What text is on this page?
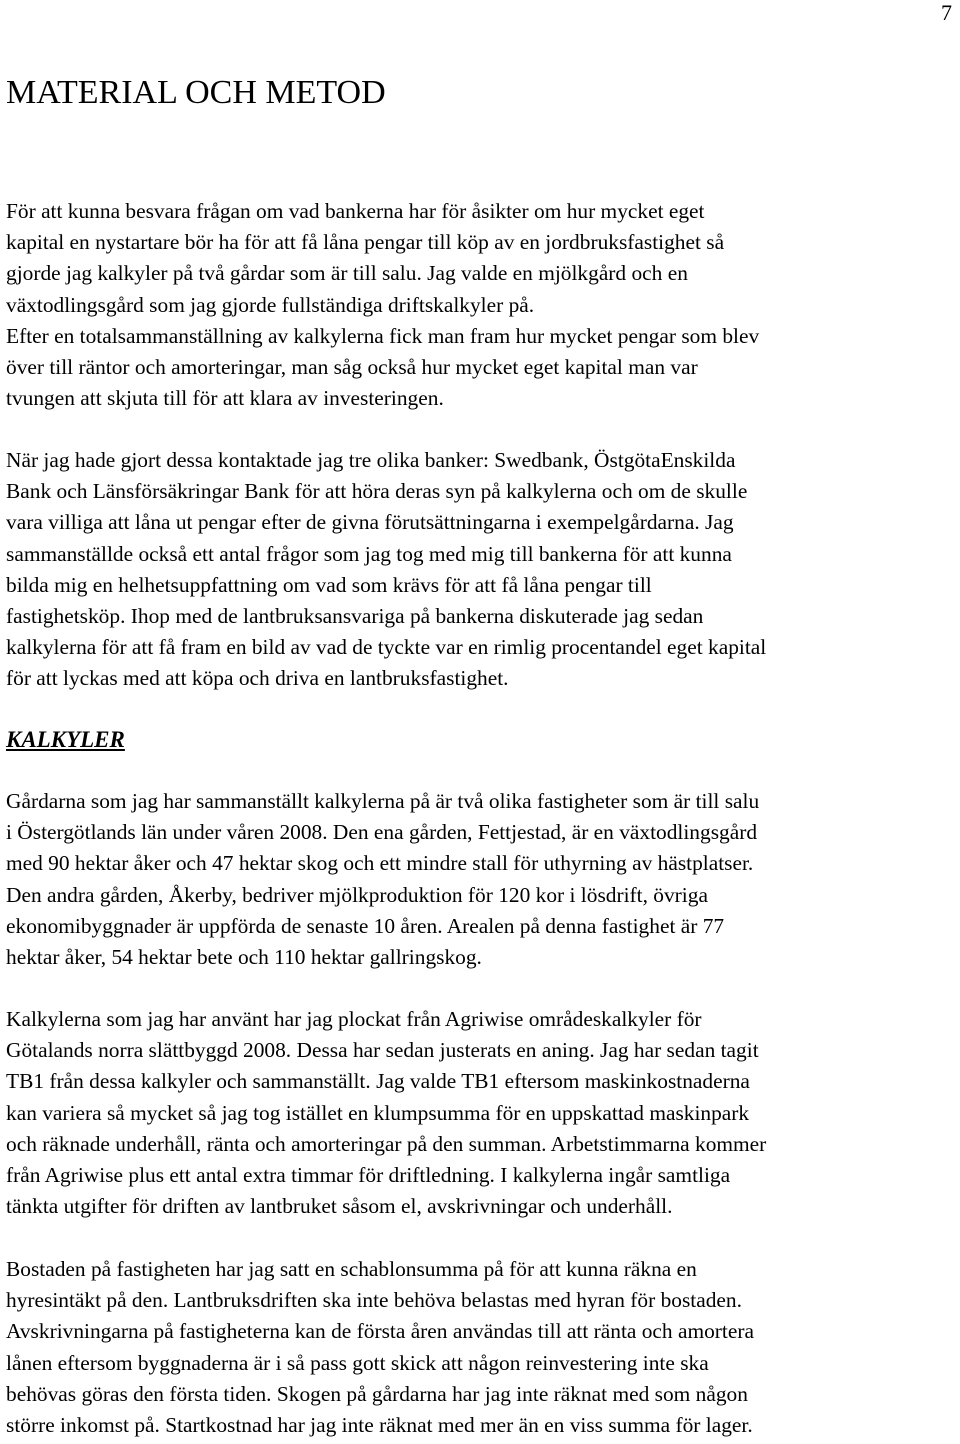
7
MATERIAL OCH METOD
För att kunna besvara frågan om vad bankerna har för åsikter om hur mycket eget
kapital en nystartare bör ha för att få låna pengar till köp av en jordbruksfastighet så
gjorde jag kalkyler på två gårdar som är till salu. Jag valde en mjölkgård och en
växtodlingsgård som jag gjorde fullständiga driftskalkyler på.
Efter en totalsammanställning av kalkylerna fick man fram hur mycket pengar som blev
över till räntor och amorteringar, man såg också hur mycket eget kapital man var
tvungen att skjuta till för att klara av investeringen.
När jag hade gjort dessa kontaktade jag tre olika banker: Swedbank, ÖstgötaEnskilda
Bank och Länsförsäkringar Bank för att höra deras syn på kalkylerna och om de skulle
vara villiga att låna ut pengar efter de givna förutsättningarna i exempelgårdarna. Jag
sammanställde också ett antal frågor som jag tog med mig till bankerna för att kunna
bilda mig en helhetsuppfattning om vad som krävs för att få låna pengar till
fastighetsköp. Ihop med de lantbruksansvariga på bankerna diskuterade jag sedan
kalkylerna för att få fram en bild av vad de tyckte var en rimlig procentandel eget kapital
för att lyckas med att köpa och driva en lantbruksfastighet.
KALKYLER
Gårdarna som jag har sammanställt kalkylerna på är två olika fastigheter som är till salu
i Östergötlands län under våren 2008. Den ena gården, Fettjestad, är en växtodlingsgård
med 90 hektar åker och 47 hektar skog och ett mindre stall för uthyrning av hästplatser.
Den andra gården, Åkerby, bedriver mjölkproduktion för 120 kor i lösdrift, övriga
ekonomibyggnader är uppförda de senaste 10 åren. Arealen på denna fastighet är 77
hektar åker, 54 hektar bete och 110 hektar gallringskog.
Kalkylerna som jag har använt har jag plockat från Agriwise områdeskalkyler för
Götalands norra slättbyggd 2008. Dessa har sedan justerats en aning. Jag har sedan tagit
TB1 från dessa kalkyler och sammanställt. Jag valde TB1 eftersom maskinkostnaderna
kan variera så mycket så jag tog istället en klumpsumma för en uppskattad maskinpark
och räknade underhåll, ränta och amorteringar på den summan. Arbetstimmarna kommer
från Agriwise plus ett antal extra timmar för driftledning. I kalkylerna ingår samtliga
tänkta utgifter för driften av lantbruket såsom el, avskrivningar och underhåll.
Bostaden på fastigheten har jag satt en schablonsumma på för att kunna räkna en
hyresintäkt på den. Lantbruksdriften ska inte behöva belastas med hyran för bostaden.
Avskrivningarna på fastigheterna kan de första åren användas till att ränta och amortera
lånen eftersom byggnaderna är i så pass gott skick att någon reinvestering inte ska
behövas göras den första tiden. Skogen på gårdarna har jag inte räknat med som någon
större inkomst på. Startkostnad har jag inte räknat med mer än en viss summa för lager.
